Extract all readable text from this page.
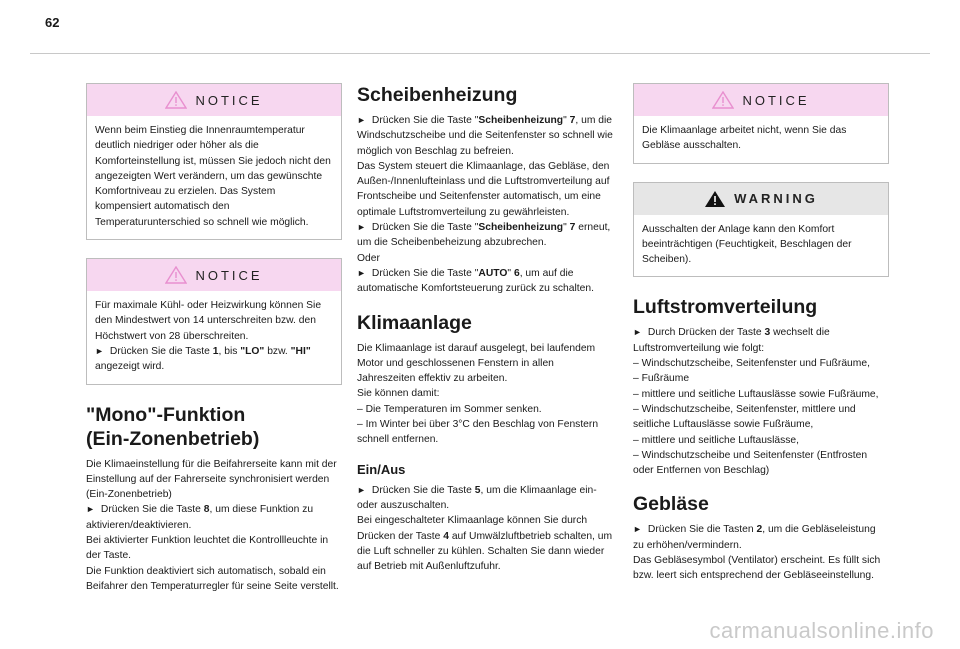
62
NOTICE
Wenn beim Einstieg die Innenraumtemperatur deutlich niedriger oder höher als die Komforteinstellung ist, müssen Sie jedoch nicht den angezeigten Wert verändern, um das gewünschte Komfortniveau zu erzielen. Das System kompensiert automatisch den Temperaturunterschied so schnell wie möglich.
NOTICE
Für maximale Kühl- oder Heizwirkung können Sie den Mindestwert von 14 unterschreiten bzw. den Höchstwert von 28 überschreiten.
► Drücken Sie die Taste 1, bis "LO" bzw. "HI" angezeigt wird.
"Mono"-Funktion
(Ein-Zonenbetrieb)

Die Klimaeinstellung für die Beifahrerseite kann mit der Einstellung auf der Fahrerseite synchronisiert werden (Ein-Zonenbetrieb)

► Drücken Sie die Taste 8, um diese Funktion zu aktivieren/deaktivieren.

Bei aktivierter Funktion leuchtet die Kontrollleuchte in der Taste.

Die Funktion deaktiviert sich automatisch, sobald ein Beifahrer den Temperaturregler für seine Seite verstellt.

Scheibenheizung

► Drücken Sie die Taste "Scheibenheizung" 7, um die Windschutzscheibe und die Seitenfenster so schnell wie möglich von Beschlag zu befreien.

Das System steuert die Klimaanlage, das Gebläse, den Außen-/Innenlufteinlass und die Luftstromverteilung auf Frontscheibe und Seitenfenster automatisch, um eine optimale Luftstromverteilung zu gewährleisten.

► Drücken Sie die Taste "Scheibenheizung" 7 erneut, um die Scheibenbeheizung abzubrechen.

Oder

► Drücken Sie die Taste "AUTO" 6, um auf die automatische Komfortsteuerung zurück zu schalten.

Klimaanlage

Die Klimaanlage ist darauf ausgelegt, bei laufendem Motor und geschlossenen Fenstern in allen Jahreszeiten effektiv zu arbeiten.

Sie können damit:

– Die Temperaturen im Sommer senken.

– Im Winter bei über 3°C den Beschlag von Fenstern schnell entfernen.

Ein/Aus

► Drücken Sie die Taste 5, um die Klimaanlage ein- oder auszuschalten.

Bei eingeschalteter Klimaanlage können Sie durch Drücken der Taste 4 auf Umwälzluftbetrieb schalten, um die Luft schneller zu kühlen. Schalten Sie dann wieder auf Betrieb mit Außenluftzufuhr.

NOTICE
Die Klimaanlage arbeitet nicht, wenn Sie das Gebläse ausschalten.
WARNING
Ausschalten der Anlage kann den Komfort beeinträchtigen (Feuchtigkeit, Beschlagen der Scheiben).
Luftstromverteilung

► Durch Drücken der Taste 3 wechselt die Luftstromverteilung wie folgt:

– Windschutzscheibe, Seitenfenster und Fußräume,

– Fußräume

– mittlere und seitliche Luftauslässe sowie Fußräume,

– Windschutzscheibe, Seitenfenster, mittlere und seitliche Luftauslässe sowie Fußräume,

– mittlere und seitliche Luftauslässe,

– Windschutzscheibe und Seitenfenster (Entfrosten oder Entfernen von Beschlag)

Gebläse

► Drücken Sie die Tasten 2, um die Gebläseleistung zu erhöhen/vermindern.

Das Gebläsesymbol (Ventilator) erscheint. Es füllt sich bzw. leert sich entsprechend der Gebläseeinstellung.

carmanualsonline.info
